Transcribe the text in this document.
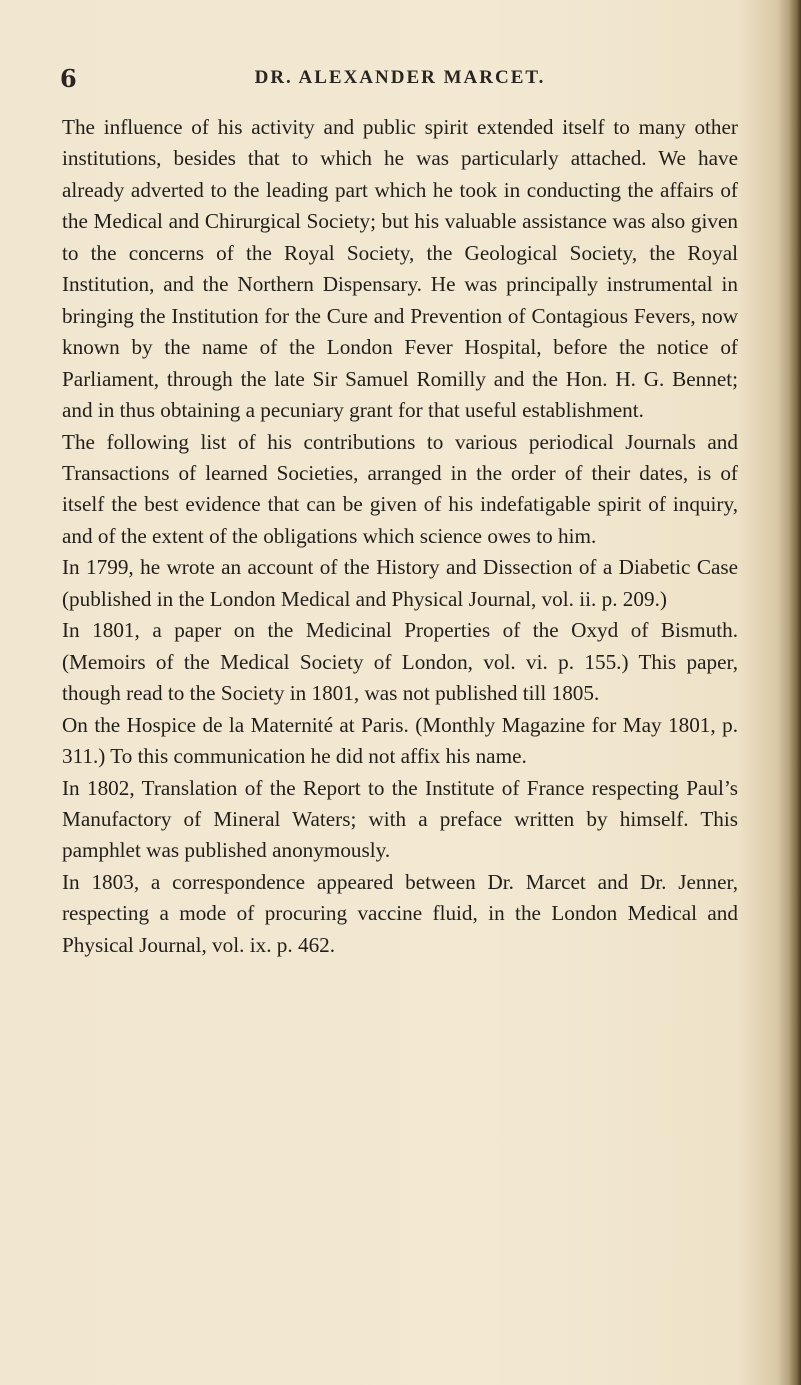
6	DR. ALEXANDER MARCET.

The influence of his activity and public spirit extended itself to many other institutions, besides that to which he was particularly attached. We have already adverted to the leading part which he took in conducting the affairs of the Medical and Chirurgical Society; but his valuable assistance was also given to the concerns of the Royal Society, the Geological Society, the Royal Institution, and the Northern Dispensary. He was principally instrumental in bringing the Institution for the Cure and Prevention of Contagious Fevers, now known by the name of the London Fever Hospital, before the notice of Parliament, through the late Sir Samuel Romilly and the Hon. H. G. Bennet; and in thus obtaining a pecuniary grant for that useful establishment.

The following list of his contributions to various periodical Journals and Transactions of learned Societies, arranged in the order of their dates, is of itself the best evidence that can be given of his indefatigable spirit of inquiry, and of the extent of the obligations which science owes to him.

In 1799, he wrote an account of the History and Dissection of a Diabetic Case (published in the London Medical and Physical Journal, vol. ii. p. 209.)

In 1801, a paper on the Medicinal Properties of the Oxyd of Bismuth. (Memoirs of the Medical Society of London, vol. vi. p. 155.) This paper, though read to the Society in 1801, was not published till 1805.

On the Hospice de la Maternité at Paris. (Monthly Magazine for May 1801, p. 311.) To this communication he did not affix his name.

In 1802, Translation of the Report to the Institute of France respecting Paul’s Manufactory of Mineral Waters; with a preface written by himself. This pamphlet was published anonymously.

In 1803, a correspondence appeared between Dr. Marcet and Dr. Jenner, respecting a mode of procuring vaccine fluid, in the London Medical and Physical Journal, vol. ix. p. 462.
